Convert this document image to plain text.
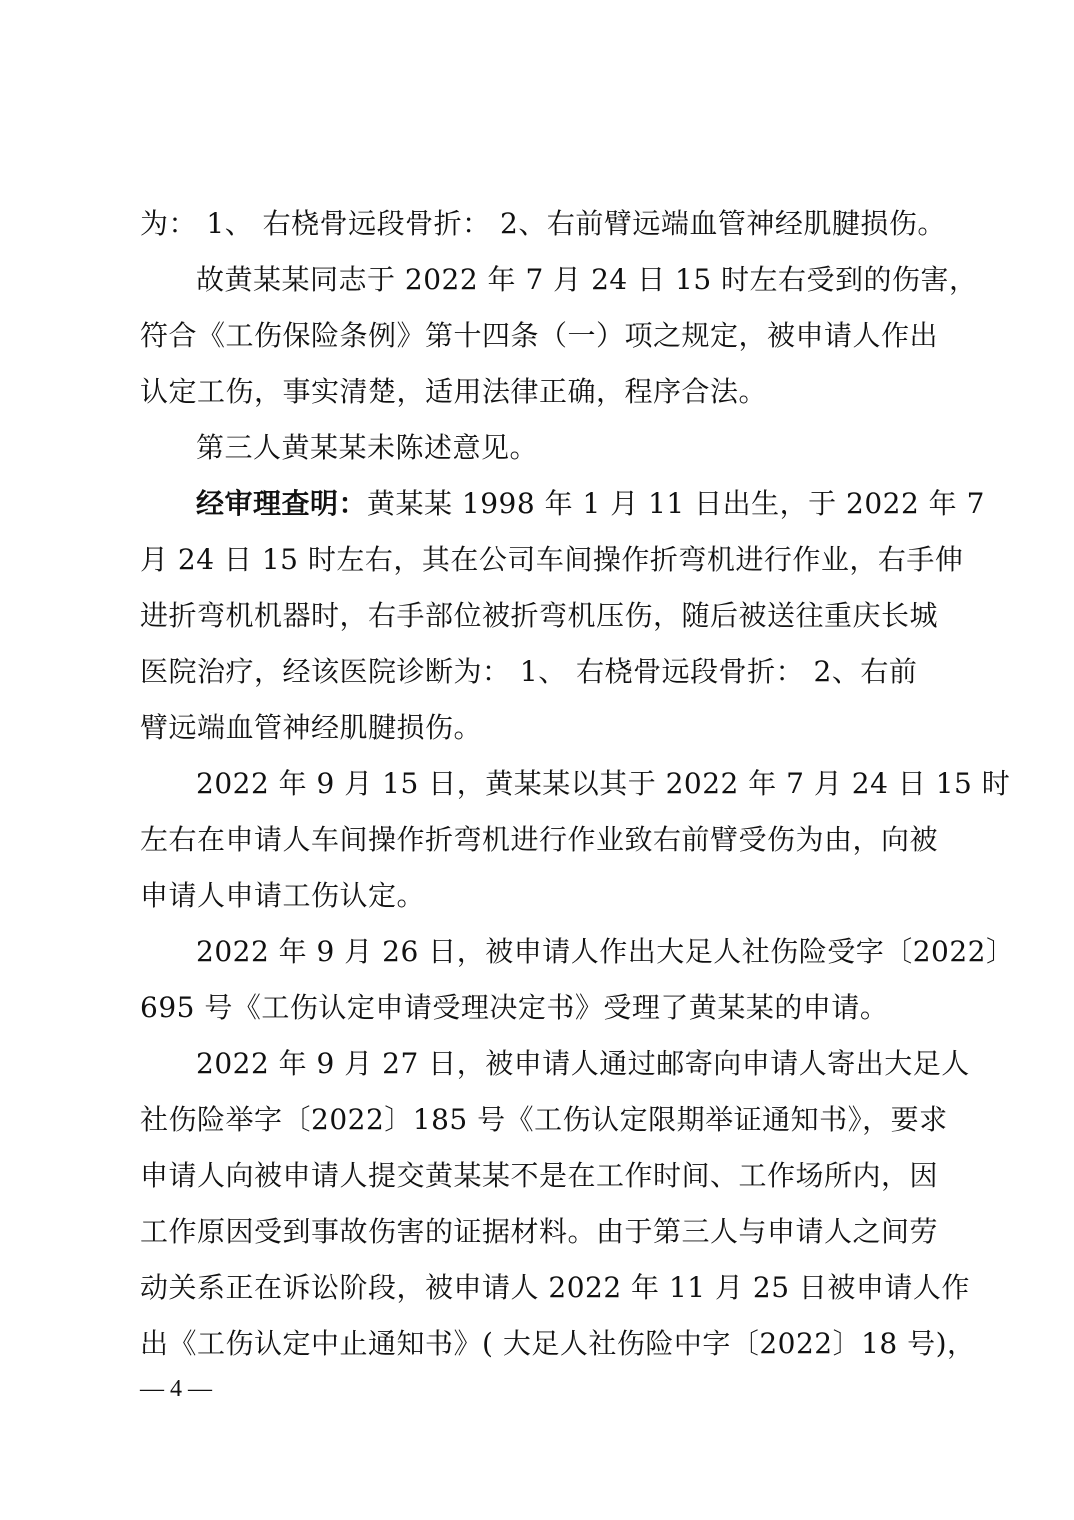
为： 1、 右桡骨远段骨折： 2、右前臂远端血管神经肌腱损伤。

故黄某某同志于 2022 年 7 月 24 日 15 时左右受到的伤害，

符合《工伤保险条例》第十四条（一）项之规定，被申请人作出
认定工伤，事实清楚，适用法律正确，程序合法。

第三人黄某某未陈述意见。

经审理查明：黄某某 1998 年 1 月 11 日出生，于 2022 年 7

月 24 日 15 时左右，其在公司车间操作折弯机进行作业，右手伸
进折弯机机器时，右手部位被折弯机压伤，随后被送往重庆长城
医院治疗，经该医院诊断为： 1、 右桡骨远段骨折： 2、右前
臂远端血管神经肌腱损伤。

2022 年 9 月 15 日，黄某某以其于 2022 年 7 月 24 日 15 时

左右在申请人车间操作折弯机进行作业致右前臂受伤为由，向被
申请人申请工伤认定。

2022 年 9 月 26 日，被申请人作出大足人社伤险受字〔2022〕

695 号《工伤认定申请受理决定书》受理了黄某某的申请。

2022 年 9 月 27 日，被申请人通过邮寄向申请人寄出大足人

社伤险举字〔2022〕185 号《工伤认定限期举证通知书》，要求
申请人向被申请人提交黄某某不是在工作时间、工作场所内，因
工作原因受到事故伤害的证据材料。由于第三人与申请人之间劳
动关系正在诉讼阶段，被申请人 2022 年 11 月 25 日被申请人作
出《工伤认定中止通知书》( 大足人社伤险中字〔2022〕18 号)，

— 4 —
